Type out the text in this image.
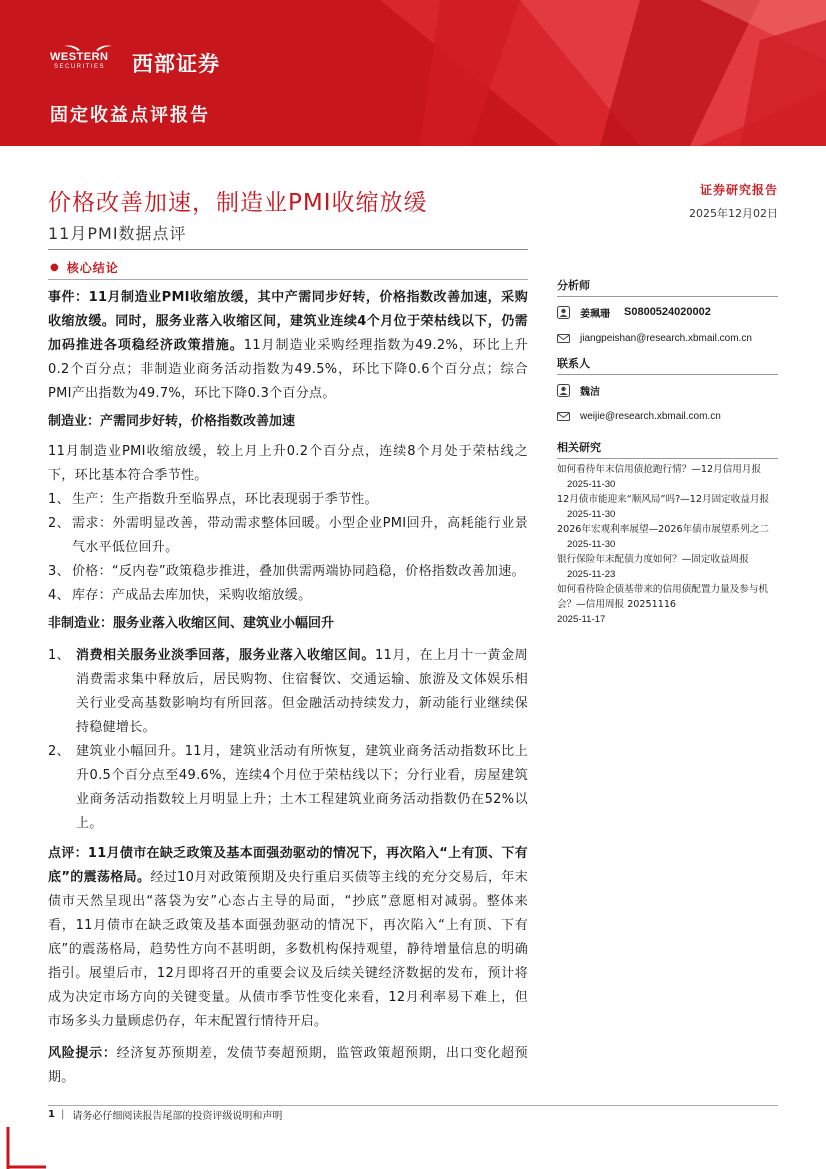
WESTERN
SECURITIES 西部证券
固定收益点评报告
价格改善加速，制造业PMI收缩放缓
11月PMI数据点评
证券研究报告
2025年12月02日
● 核心结论

事件：11月制造业PMI收缩放缓，其中产需同步好转，价格指数改善加速，采购收缩放缓。同时，服务业落入收缩区间，建筑业连续4个月位于荣枯线以下，仍需加码推进各项稳经济政策措施。11月制造业采购经理指数为49.2%，环比上升0.2个百分点；非制造业商务活动指数为49.5%，环比下降0.6个百分点；综合PMI产出指数为49.7%，环比下降0.3个百分点。

制造业：产需同步好转，价格指数改善加速

11月制造业PMI收缩放缓，较上月上升0.2个百分点，连续8个月处于荣枯线之下，环比基本符合季节性。

1、 生产：生产指数升至临界点，环比表现弱于季节性。
2、 需求：外需明显改善，带动需求整体回暖。小型企业PMI回升，高耗能行业景气水平低位回升。
3、 价格：“反内卷”政策稳步推进，叠加供需两端协同趋稳，价格指数改善加速。
4、 库存：产成品去库加快，采购收缩放缓。
非制造业：服务业落入收缩区间、建筑业小幅回升
1、 消费相关服务业淡季回落，服务业落入收缩区间。11月，在上月十一黄金周消费需求集中释放后，居民购物、住宿餐饮、交通运输、旅游及文体娱乐相关行业受高基数影响均有所回落。但金融活动持续发力，新动能行业继续保持稳健增长。
2、 建筑业小幅回升。11月，建筑业活动有所恢复，建筑业商务活动指数环比上升0.5个百分点至49.6%，连续4个月位于荣枯线以下；分行业看，房屋建筑业商务活动指数较上月明显上升；土木工程建筑业商务活动指数仍在52%以上。

点评：11月债市在缺乏政策及基本面强劲驱动的情况下，再次陷入“上有顶、下有底”的震荡格局。经过10月对政策预期及央行重启买债等主线的充分交易后，年末债市天然呈现出“落袋为安”心态占主导的局面，“抄底”意愿相对减弱。整体来看，11月债市在缺乏政策及基本面强劲驱动的情况下，再次陷入“上有顶、下有底”的震荡格局，趋势性方向不甚明朗，多数机构保持观望，静待增量信息的明确指引。展望后市，12月即将召开的重要会议及后续关键经济数据的发布，预计将成为决定市场方向的关键变量。从债市季节性变化来看，12月利率易下难上，但市场多头力量顾虑仍存，年末配置行情待开启。

风险提示：经济复苏预期差，发债节奏超预期，监管政策超预期，出口变化超预期。

分析师
姜珮珊 S0800524020002
jiangpeishan@research.xbmail.com.cn
联系人
魏洁
weijie@research.xbmail.com.cn
相关研究
如何看待年末信用债抢跑行情？—12月信用月报2025-11-30
12月债市能迎来“顺风局”吗?—12月固定收益月报2025-11-30
2026年宏观利率展望—2026年债市展望系列之二2025-11-30
银行保险年末配债力度如何？—固定收益周报2025-11-23
如何看待险企债基带来的信用债配置力量及参与机会？—信用周报 20251116
2025-11-17
1 | 请务必仔细阅读报告尾部的投资评级说明和声明
